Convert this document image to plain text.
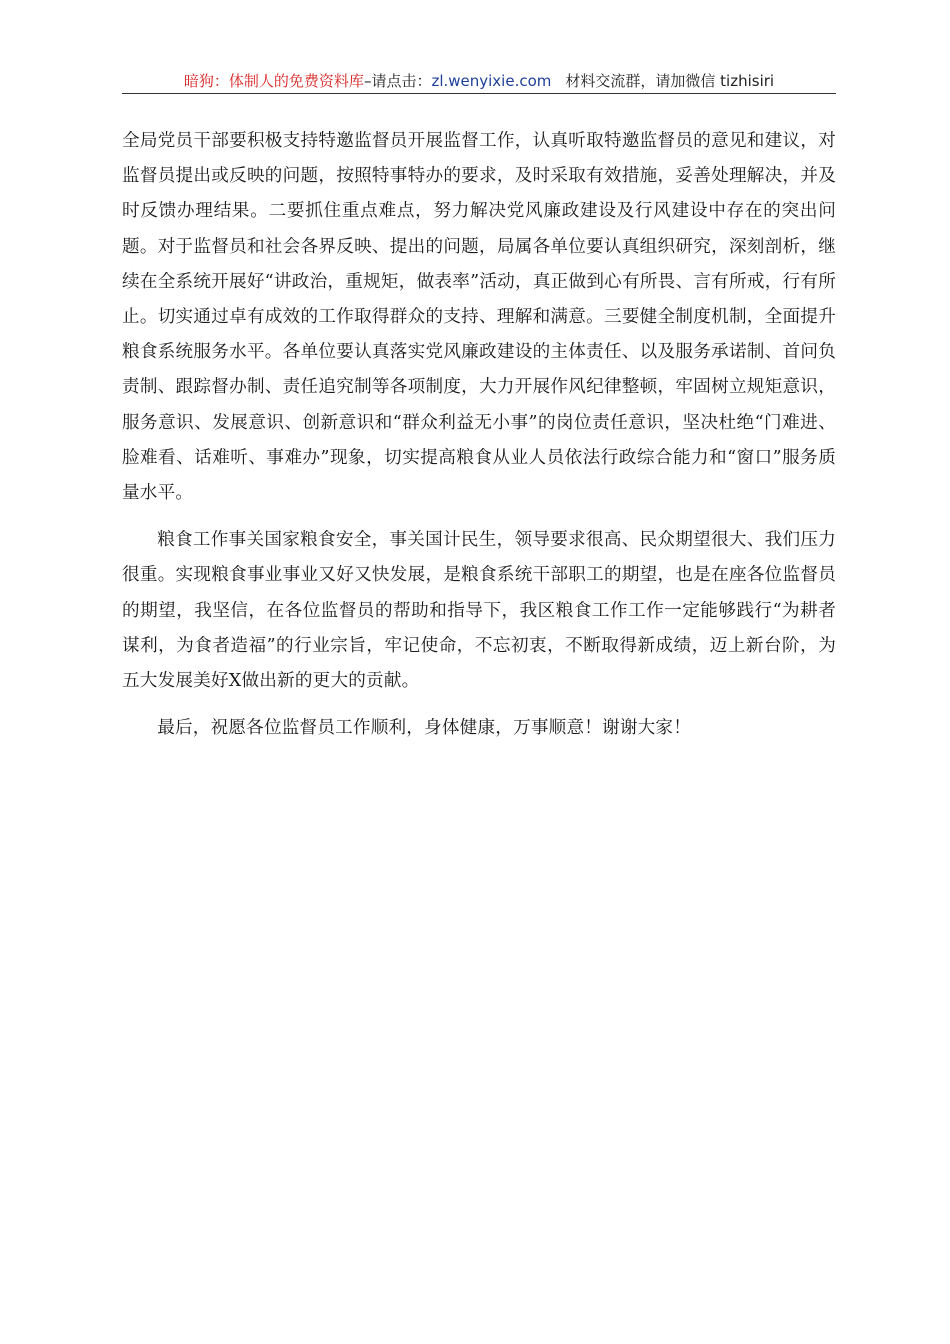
暗狗：体制人的免费资料库–请点击：zl.wenyixie.com 材料交流群，请加微信 tizhisiri

全局党员干部要积极支持特邀监督员开展监督工作，认真听取特邀监督员的意见和建议，对监督员提出或反映的问题，按照特事特办的要求，及时采取有效措施，妥善处理解决，并及时反馈办理结果。二要抓住重点难点，努力解决党风廉政建设及行风建设中存在的突出问题。对于监督员和社会各界反映、提出的问题，局属各单位要认真组织研究，深刻剖析，继续在全系统开展好“讲政治，重规矩，做表率”活动，真正做到心有所畏、言有所戒，行有所止。切实通过卓有成效的工作取得群众的支持、理解和满意。三要健全制度机制，全面提升粮食系统服务水平。各单位要认真落实党风廉政建设的主体责任、以及服务承诺制、首问负责制、跟踪督办制、责任追究制等各项制度，大力开展作风纪律整顿，牢固树立规矩意识，服务意识、发展意识、创新意识和“群众利益无小事”的岗位责任意识，坚决杜绝“门难进、脸难看、话难听、事难办”现象，切实提高粮食从业人员依法行政综合能力和“窗口”服务质量水平。

粮食工作事关国家粮食安全，事关国计民生，领导要求很高、民众期望很大、我们压力很重。实现粮食事业事业又好又快发展，是粮食系统干部职工的期望，也是在座各位监督员的期望，我坚信，在各位监督员的帮助和指导下，我区粮食工作工作一定能够践行“为耕者谋利，为食者造福”的行业宗旨，牢记使命，不忘初衷，不断取得新成绩，迈上新台阶，为五大发展美好X做出新的更大的贡献。

最后，祝愿各位监督员工作顺利，身体健康，万事顺意！谢谢大家！
